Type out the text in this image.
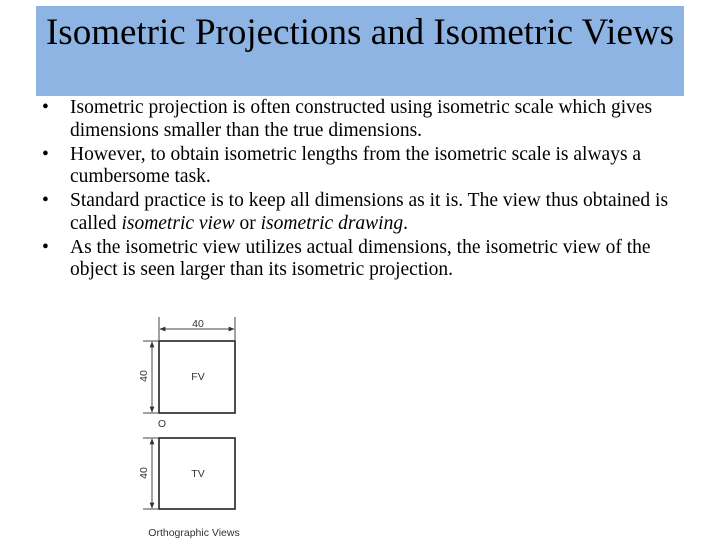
Isometric Projections and Isometric Views
• Isometric projection is often constructed using isometric scale which gives dimensions smaller than the true dimensions.
• However, to obtain isometric lengths from the isometric scale is always a cumbersome task.
• Standard practice is to keep all dimensions as it is. The view thus obtained is called isometric view or isometric drawing.
• As the isometric view utilizes actual dimensions, the isometric view of the object is seen larger than its isometric projection.
40
FV
40
O
TV
40
Orthographic Views
